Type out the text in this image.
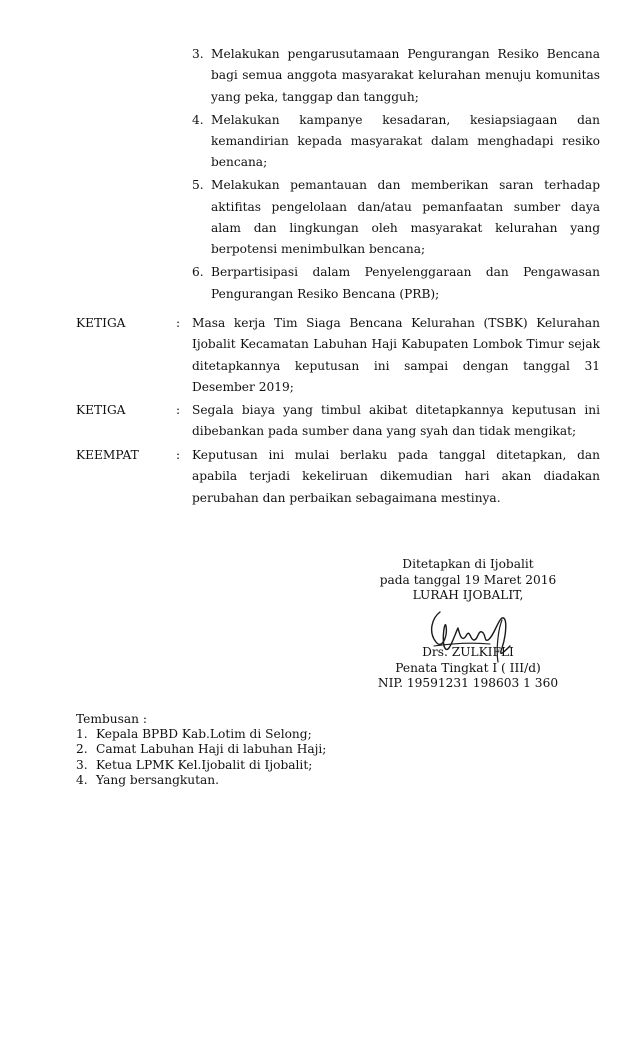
3. Melakukan pengarusutamaan Pengurangan Resiko Bencana bagi semua anggota masyarakat kelurahan menuju komunitas yang peka, tanggap dan tangguh;
4. Melakukan kampanye kesadaran, kesiapsiagaan dan kemandirian kepada masyarakat dalam menghadapi resiko bencana;
5. Melakukan pemantauan dan memberikan saran terhadap aktifitas pengelolaan dan/atau pemanfaatan sumber daya alam dan lingkungan oleh masyarakat kelurahan yang berpotensi menimbulkan bencana;
6. Berpartisipasi dalam Penyelenggaraan dan Pengawasan Pengurangan Resiko Bencana (PRB);
KETIGA	: Masa kerja Tim Siaga Bencana Kelurahan (TSBK) Kelurahan Ijobalit Kecamatan Labuhan Haji Kabupaten Lombok Timur sejak ditetapkannya keputusan ini sampai dengan tanggal 31 Desember 2019;
KETIGA	: Segala biaya yang timbul akibat ditetapkannya keputusan ini dibebankan pada sumber dana yang syah dan tidak mengikat;
KEEMPAT	: Keputusan ini mulai berlaku pada tanggal ditetapkan, dan apabila terjadi kekeliruan dikemudian hari akan diadakan perubahan dan perbaikan sebagaimana mestinya.
Ditetapkan di Ijobalit
pada tanggal 19 Maret 2016
LURAH IJOBALIT,
Drs. ZULKIFLI
Penata Tingkat I ( III/d)
NIP. 19591231 198603 1 360
Tembusan :
1. Kepala BPBD Kab.Lotim di Selong;
2. Camat Labuhan Haji di labuhan Haji;
3. Ketua LPMK Kel.Ijobalit di Ijobalit;
4. Yang bersangkutan.
